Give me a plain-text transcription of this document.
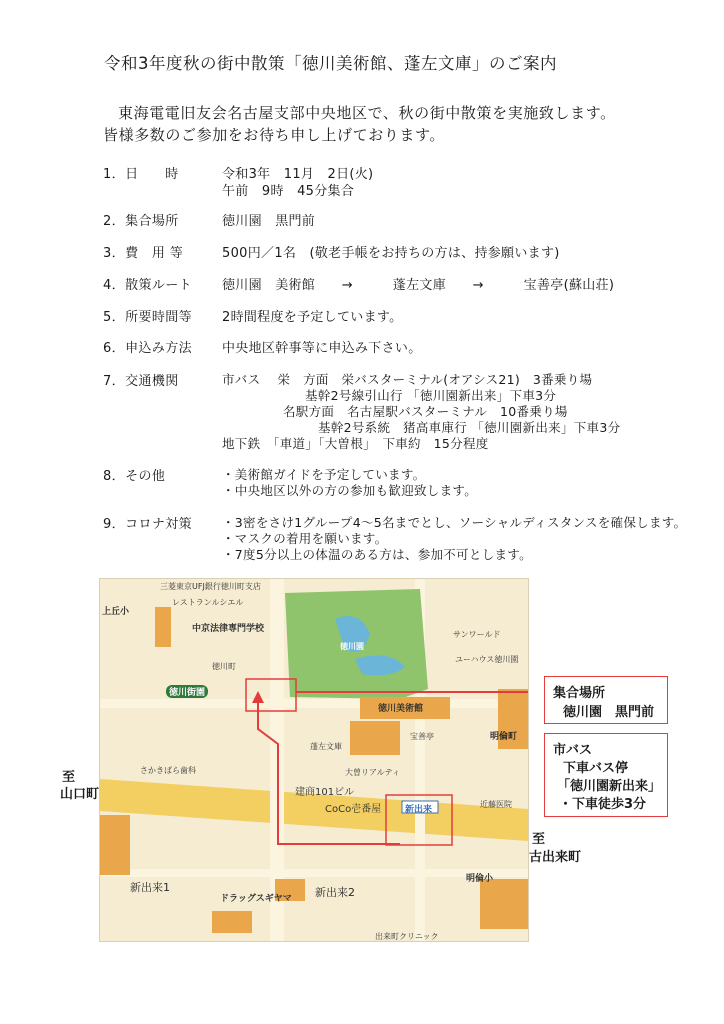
令和3年度秋の街中散策「徳川美術館、蓬左文庫」のご案内
東海電電旧友会名古屋支部中央地区で、秋の街中散策を実施致します。
皆様多数のご参加をお待ち申し上げております。
1．日　　時	令和3年　11月　2日(火)
午前　9時　45分集合
2．集合場所	徳川園　黒門前
3．費　用 等	500円／1名　(敬老手帳をお持ちの方は、持参願います)
4．散策ルート 徳川園　美術館　　→　　　蓬左文庫　　→　　　宝善亭(蘇山荘)
5．所要時間等 2時間程度を予定しています。
6．申込み方法 中央地区幹事等に申込み下さい。
7．交通機関	市バス　 栄　方面　栄バスターミナル(オアシス21)　3番乗り場
基幹2号線引山行 「徳川園新出来」下車3分
名駅方面　名古屋駅バスターミナル　10番乗り場
基幹2号系統　猪高車庫行 「徳川園新出来」下車3分
地下鉄　「車道」「大曽根」　下車約　15分程度
8．その他	・美術館ガイドを予定しています。
・中央地区以外の方の参加も歓迎致します。
9．コロナ対策 ・3密をさけ1グループ4～5名までとし、ソーシャルディスタンスを確保します。
・マスクの着用を願います。
・7度5分以上の体温のある方は、参加不可とします。
三菱東京UFJ銀行徳川町支店
レストランルシエル
上丘小
中京法律専門学校
徳川園
サンワールド
ユーハウス徳川園
徳川町
徳川街園
徳川美術館
蓬左文庫
宝善亭	明倫町
さかきばら歯科	大曽リアルティ
近藤医院
建商101ビル
CoCo壱番屋	新出来
新出来1	新出来2
ドラッグスギヤマ
明倫小
出来町クリニック
至
山口町
至
古出来町
集合場所
徳川園　黒門前
市バス
下車バス停
「徳川園新出来」
・下車徒歩3分
